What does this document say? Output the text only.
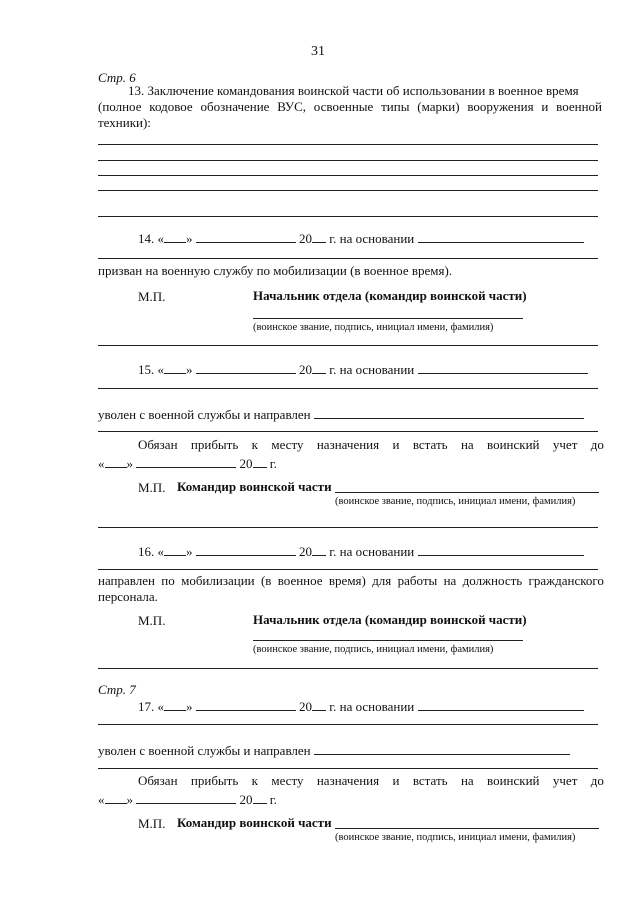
31
Стр. 6
13. Заключение командования воинской части об использовании в военное время
(полное кодовое обозначение ВУС, освоенные типы (марки) вооружения и военной
техники):
14. « »	20 г. на основании
призван на военную службу по мобилизации (в военное время).
М.П.	Начальник отдела (командир воинской части)
(воинское звание, подпись, инициал имени, фамилия)
15. « »	20 г. на основании
уволен с военной службы и направлен
Обязан прибыть к месту назначения и встать на воинский учет до
« »	20 г.
М.П. Командир воинской части
(воинское звание, подпись, инициал имени, фамилия)
16. « »	20 г. на основании
направлен по мобилизации (в военное время) для работы на должность гражданского
персонала.
М.П.	Начальник отдела (командир воинской части)
(воинское звание, подпись, инициал имени, фамилия)
Стр. 7
17. « »	20 г. на основании
уволен с военной службы и направлен
Обязан прибыть к месту назначения и встать на воинский учет до
« »	20 г.
М.П. Командир воинской части
(воинское звание, подпись, инициал имени, фамилия)
